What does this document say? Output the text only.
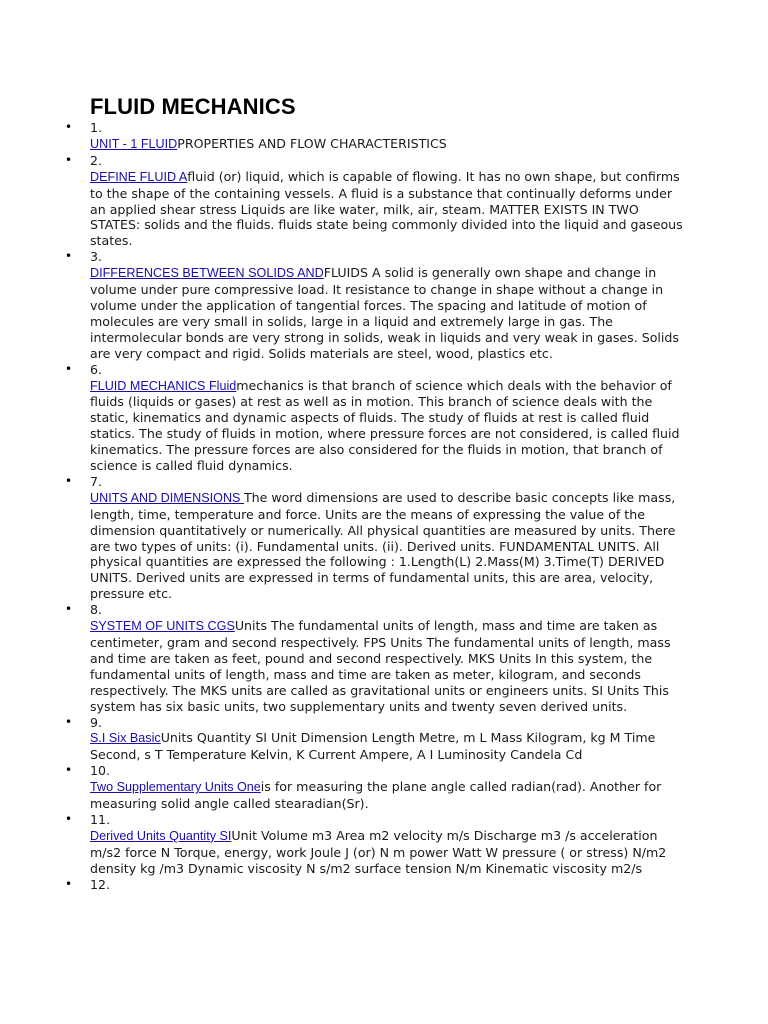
FLUID MECHANICS
• 1.
UNIT - 1 FLUIDPROPERTIES AND FLOW CHARACTERISTICS
• 2.
DEFINE FLUID Afluid (or) liquid, which is capable of flowing. It has no own shape, but confirms to the shape of the containing vessels. A fluid is a substance that continually deforms under an applied shear stress Liquids are like water, milk, air, steam. MATTER EXISTS IN TWO STATES: solids and the fluids. fluids state being commonly divided into the liquid and gaseous states.
• 3.
DIFFERENCES BETWEEN SOLIDS ANDFLUIDS A solid is generally own shape and change in volume under pure compressive load. It resistance to change in shape without a change in volume under the application of tangential forces. The spacing and latitude of motion of molecules are very small in solids, large in a liquid and extremely large in gas. The intermolecular bonds are very strong in solids, weak in liquids and very weak in gases. Solids are very compact and rigid. Solids materials are steel, wood, plastics etc.
• 6.
FLUID MECHANICS Fluidmechanics is that branch of science which deals with the behavior of fluids (liquids or gases) at rest as well as in motion. This branch of science deals with the static, kinematics and dynamic aspects of fluids. The study of fluids at rest is called fluid statics. The study of fluids in motion, where pressure forces are not considered, is called fluid kinematics. The pressure forces are also considered for the fluids in motion, that branch of science is called fluid dynamics.
• 7.
UNITS AND DIMENSIONS The word dimensions are used to describe basic concepts like mass, length, time, temperature and force. Units are the means of expressing the value of the dimension quantitatively or numerically. All physical quantities are measured by units. There are two types of units: (i). Fundamental units. (ii). Derived units. FUNDAMENTAL UNITS. All physical quantities are expressed the following : 1.Length(L) 2.Mass(M) 3.Time(T) DERIVED UNITS. Derived units are expressed in terms of fundamental units, this are area, velocity, pressure etc.
• 8.
SYSTEM OF UNITS CGSUnits The fundamental units of length, mass and time are taken as centimeter, gram and second respectively. FPS Units The fundamental units of length, mass and time are taken as feet, pound and second respectively. MKS Units In this system, the fundamental units of length, mass and time are taken as meter, kilogram, and seconds respectively. The MKS units are called as gravitational units or engineers units. SI Units This system has six basic units, two supplementary units and twenty seven derived units.
• 9.
S.I Six BasicUnits Quantity SI Unit Dimension Length Metre, m L Mass Kilogram, kg M Time Second, s T Temperature Kelvin, K Current Ampere, A I Luminosity Candela Cd
• 10.
Two Supplementary Units Oneis for measuring the plane angle called radian(rad). Another for measuring solid angle called stearadian(Sr).
• 11.
Derived Units Quantity SIUnit Volume m3 Area m2 velocity m/s Discharge m3 /s acceleration m/s2 force N Torque, energy, work Joule J (or) N m power Watt W pressure ( or stress) N/m2 density kg /m3 Dynamic viscosity N s/m2 surface tension N/m Kinematic viscosity m2/s
• 12.
